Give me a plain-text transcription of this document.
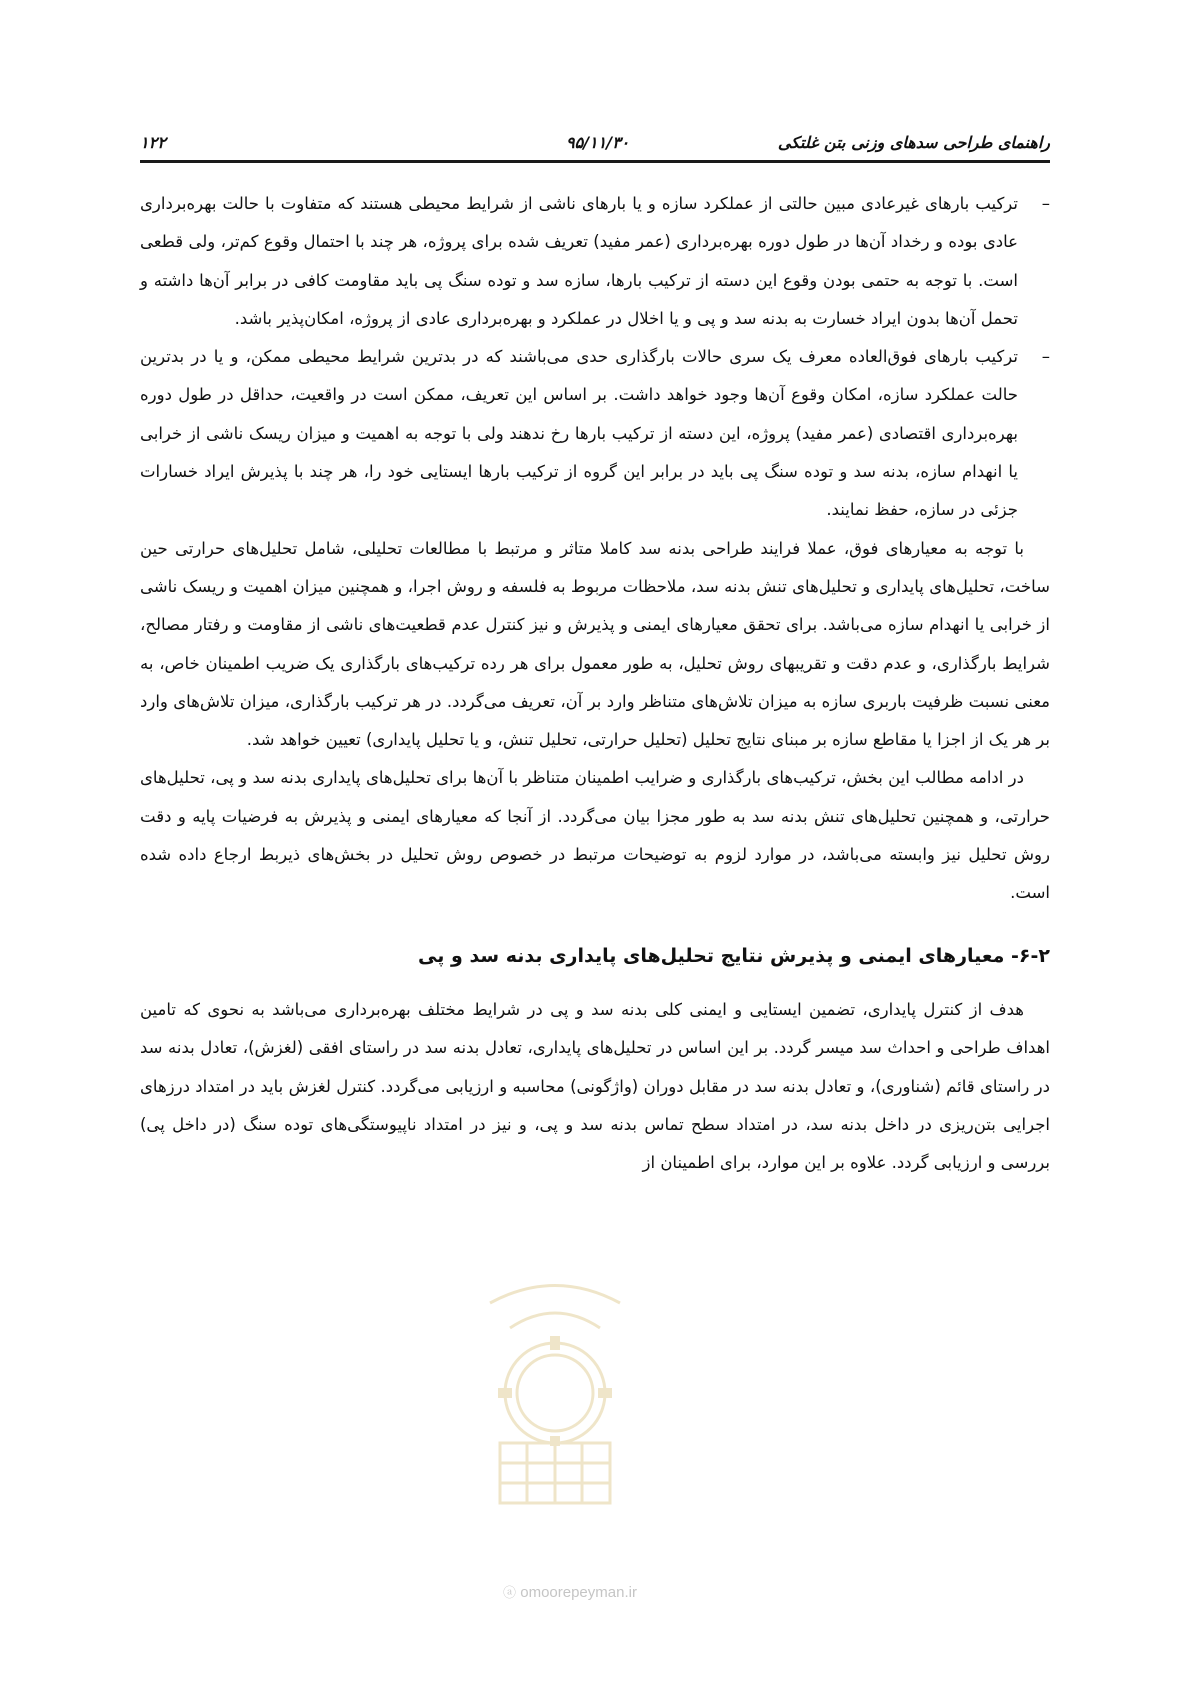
راهنمای طراحی سدهای وزنی بتن غلتکی
۹۵/۱۱/۳۰
۱۲۲
–
ترکیب بارهای غیرعادی مبین حالتی از عملکرد سازه و یا بارهای ناشی از شرایط محیطی هستند که متفاوت با حالت بهره‌برداری عادی بوده و رخداد آن‌ها در طول دوره بهره‌برداری (عمر مفید) تعریف شده برای پروژه، هر چند با احتمال وقوع کم‌تر، ولی قطعی است. با توجه به حتمی بودن وقوع این دسته از ترکیب بارها، سازه سد و توده سنگ پی باید مقاومت کافی در برابر آن‌ها داشته و تحمل آن‌ها بدون ایراد خسارت به بدنه سد و پی و یا اخلال در عملکرد و بهره‌برداری عادی از پروژه، امکان‌پذیر باشد.
–
ترکیب بارهای فوق‌العاده معرف یک سری حالات بارگذاری حدی می‌باشند که در بدترین شرایط محیطی ممکن، و یا در بدترین حالت عملکرد سازه، امکان وقوع آن‌ها وجود خواهد داشت. بر اساس این تعریف، ممکن است در واقعیت، حداقل در طول دوره بهره‌برداری اقتصادی (عمر مفید) پروژه، این دسته از ترکیب بارها رخ ندهند ولی با توجه به اهمیت و میزان ریسک ناشی از خرابی یا انهدام سازه، بدنه سد و توده سنگ پی باید در برابر این گروه از ترکیب بارها ایستایی خود را، هر چند با پذیرش ایراد خسارات جزئی در سازه، حفظ نمایند.
با توجه به معیارهای فوق، عملا فرایند طراحی بدنه سد کاملا متاثر و مرتبط با مطالعات تحلیلی، شامل تحلیل‌های حرارتی حین ساخت، تحلیل‌های پایداری و تحلیل‌های تنش بدنه سد، ملاحظات مربوط به فلسفه و روش اجرا، و همچنین میزان اهمیت و ریسک ناشی از خرابی یا انهدام سازه می‌باشد. برای تحقق معیارهای ایمنی و پذیرش و نیز کنترل عدم قطعیت‌های ناشی از مقاومت و رفتار مصالح، شرایط بارگذاری، و عدم دقت و تقریبهای روش تحلیل، به طور معمول برای هر رده ترکیب‌های بارگذاری یک ضریب اطمینان خاص، به معنی نسبت ظرفیت باربری سازه به میزان تلاش‌های متناظر وارد بر آن، تعریف می‌گردد. در هر ترکیب بارگذاری، میزان تلاش‌های وارد بر هر یک از اجزا یا مقاطع سازه بر مبنای نتایج تحلیل (تحلیل حرارتی، تحلیل تنش، و یا تحلیل پایداری) تعیین خواهد شد.
در ادامه مطالب این بخش، ترکیب‌های بارگذاری و ضرایب اطمینان متناظر با آن‌ها برای تحلیل‌های پایداری بدنه سد و پی، تحلیل‌های حرارتی، و همچنین تحلیل‌های تنش بدنه سد به طور مجزا بیان می‌گردد. از آنجا که معیارهای ایمنی و پذیرش به فرضیات پایه و دقت روش تحلیل نیز وابسته می‌باشد، در موارد لزوم به توضیحات مرتبط در خصوص روش تحلیل در بخش‌های ذیربط ارجاع داده شده است.
۶-۲- معیارهای ایمنی و پذیرش نتایج تحلیل‌های پایداری بدنه سد و پی
هدف از کنترل پایداری، تضمین ایستایی و ایمنی کلی بدنه سد و پی در شرایط مختلف بهره‌برداری می‌باشد به نحوی که تامین اهداف طراحی و احداث سد میسر گردد. بر این اساس در تحلیل‌های پایداری، تعادل بدنه سد در راستای افقی (لغزش)، تعادل بدنه سد در راستای قائم (شناوری)، و تعادل بدنه سد در مقابل دوران (واژگونی) محاسبه و ارزیابی می‌گردد. کنترل لغزش باید در امتداد درزهای اجرایی بتن‌ریزی در داخل بدنه سد، در امتداد سطح تماس بدنه سد و پی، و نیز در امتداد ناپیوستگی‌های توده سنگ (در داخل پی) بررسی و ارزیابی گردد. علاوه بر این موارد، برای اطمینان از
ⓐ omoorepeyman.ir
